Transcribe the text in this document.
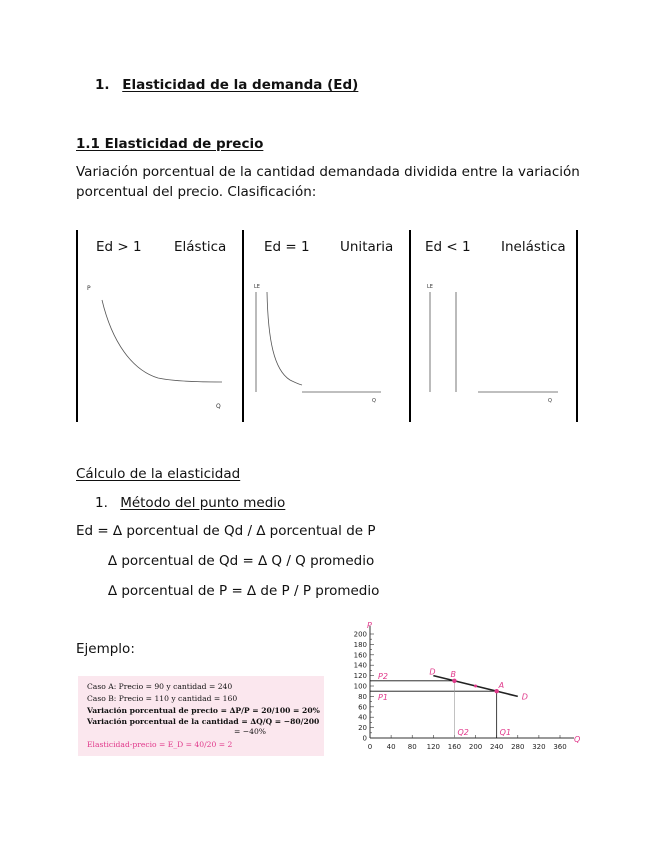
1. Elasticidad de la demanda (Ed)
1.1 Elasticidad de precio
Variación porcentual de la cantidad demandada dividida entre la variación
porcentual del precio. Clasificación:
Ed > 1 Elástica	Ed = 1 Unitaria Ed < 1 Inelástica
P
Q
LE
Q
LE
Q
Cálculo de la elasticidad
1. Método del punto medio
Ed = ∆ porcentual de Qd / ∆ porcentual de P
∆ porcentual de Qd = ∆ Q / Q promedio
∆ porcentual de P = ∆ de P / P promedio
Ejemplo:
Caso A: Precio = 90 y cantidad = 240
Caso B: Precio = 110 y cantidad = 160
Variación porcentual de precio = ∆P/P = 20/100 = 20%
Variación porcentual de la cantidad = ∆Q/Q = −80/200
= −40%
Elasticidad-precio = E_D = 40/20 = 2
P
Q
0
20
40
60
80
100
120
140
160
180
200
0 40 80 120 160 200 240 280 320 360
B
A
D
D
P2
P1
Q2	Q1
